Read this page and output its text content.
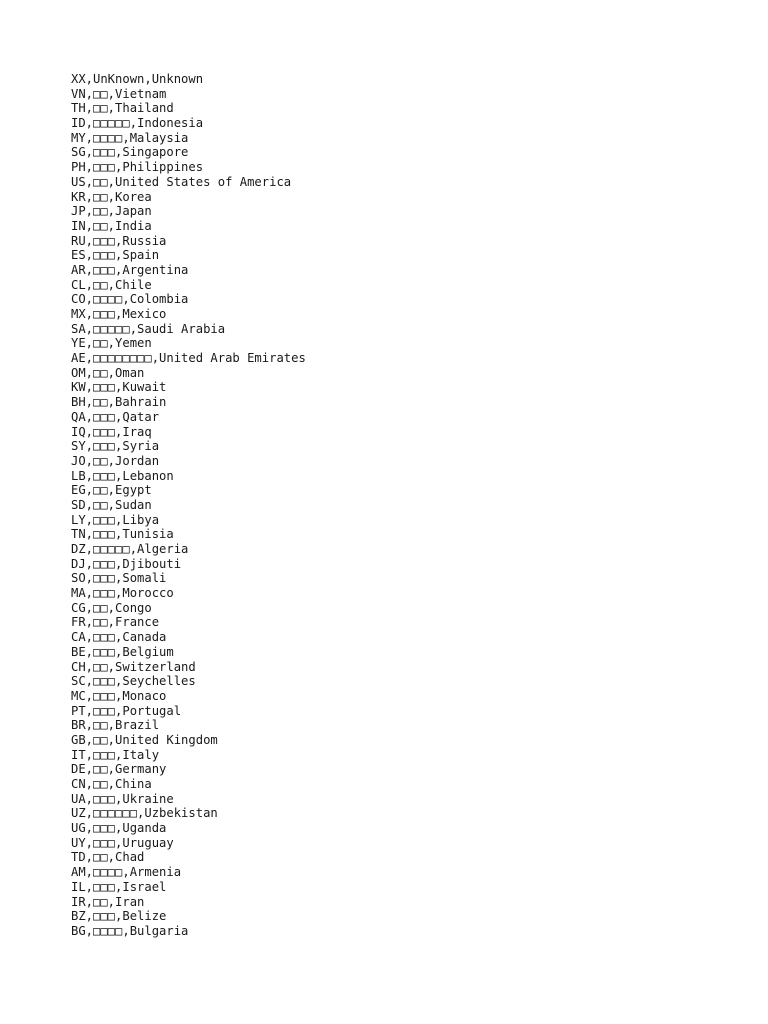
XX,UnKnown,Unknown
VN,□□,Vietnam
TH,□□,Thailand
ID,□□□□□,Indonesia
MY,□□□□,Malaysia
SG,□□□,Singapore
PH,□□□,Philippines
US,□□,United States of America
KR,□□,Korea
JP,□□,Japan
IN,□□,India
RU,□□□,Russia
ES,□□□,Spain
AR,□□□,Argentina
CL,□□,Chile
CO,□□□□,Colombia
MX,□□□,Mexico
SA,□□□□□,Saudi Arabia
YE,□□,Yemen
AE,□□□□□□□□,United Arab Emirates
OM,□□,Oman
KW,□□□,Kuwait
BH,□□,Bahrain
QA,□□□,Qatar
IQ,□□□,Iraq
SY,□□□,Syria
JO,□□,Jordan
LB,□□□,Lebanon
EG,□□,Egypt
SD,□□,Sudan
LY,□□□,Libya
TN,□□□,Tunisia
DZ,□□□□□,Algeria
DJ,□□□,Djibouti
SO,□□□,Somali
MA,□□□,Morocco
CG,□□,Congo
FR,□□,France
CA,□□□,Canada
BE,□□□,Belgium
CH,□□,Switzerland
SC,□□□,Seychelles
MC,□□□,Monaco
PT,□□□,Portugal
BR,□□,Brazil
GB,□□,United Kingdom
IT,□□□,Italy
DE,□□,Germany
CN,□□,China
UA,□□□,Ukraine
UZ,□□□□□□,Uzbekistan
UG,□□□,Uganda
UY,□□□,Uruguay
TD,□□,Chad
AM,□□□□,Armenia
IL,□□□,Israel
IR,□□,Iran
BZ,□□□,Belize
BG,□□□□,Bulgaria
